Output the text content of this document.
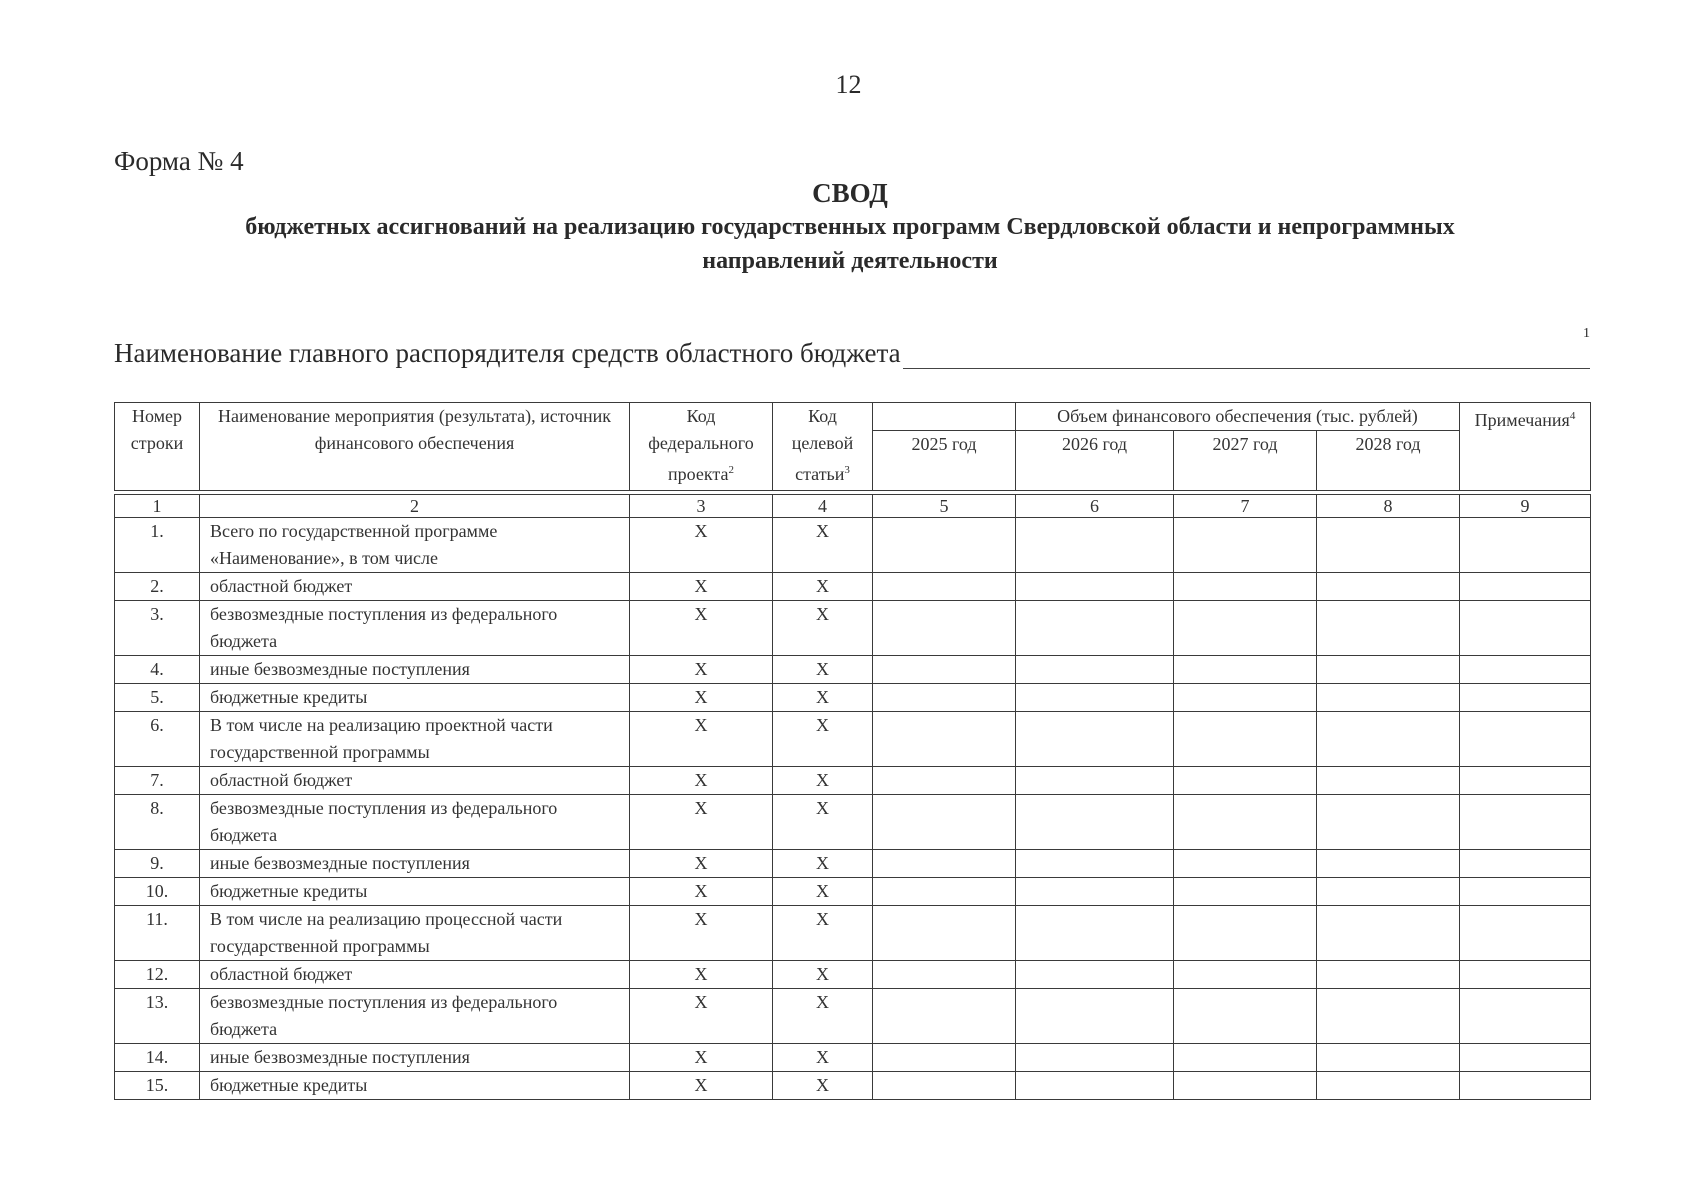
12
Форма № 4
СВОД
бюджетных ассигнований на реализацию государственных программ Свердловской области и непрограммных
направлений деятельности
Наименование главного распорядителя средств областного бюджета
1
Номер строки	Наименование мероприятия (результата), источник финансового обеспечения	Код федерального проекта$^2$	Код целевой статьи$^3$		Объем финансового обеспечения (тыс. рублей)			Примечания$^4$
				2025 год	2026 год	2027 год	2028 год	

1	2	3	4	5	6	7	8	9
1.	Всего по государственной программе
«Наименование», в том числе	X	X					
2.	областной бюджет	X	X					
3.	безвозмездные поступления из федерального
бюджета	X	X					
4.	иные безвозмездные поступления	X	X					
5.	бюджетные кредиты	X	X					
6.	В том числе на реализацию проектной части
государственной программы	X	X					
7.	областной бюджет	X	X					
8.	безвозмездные поступления из федерального
бюджета	X	X					
9.	иные безвозмездные поступления	X	X					
10.	бюджетные кредиты	X	X					
11.	В том числе на реализацию процессной части
государственной программы	X	X					
12.	областной бюджет	X	X					
13.	безвозмездные поступления из федерального
бюджета	X	X					
14.	иные безвозмездные поступления	X	X					
15.	бюджетные кредиты	X	X					
